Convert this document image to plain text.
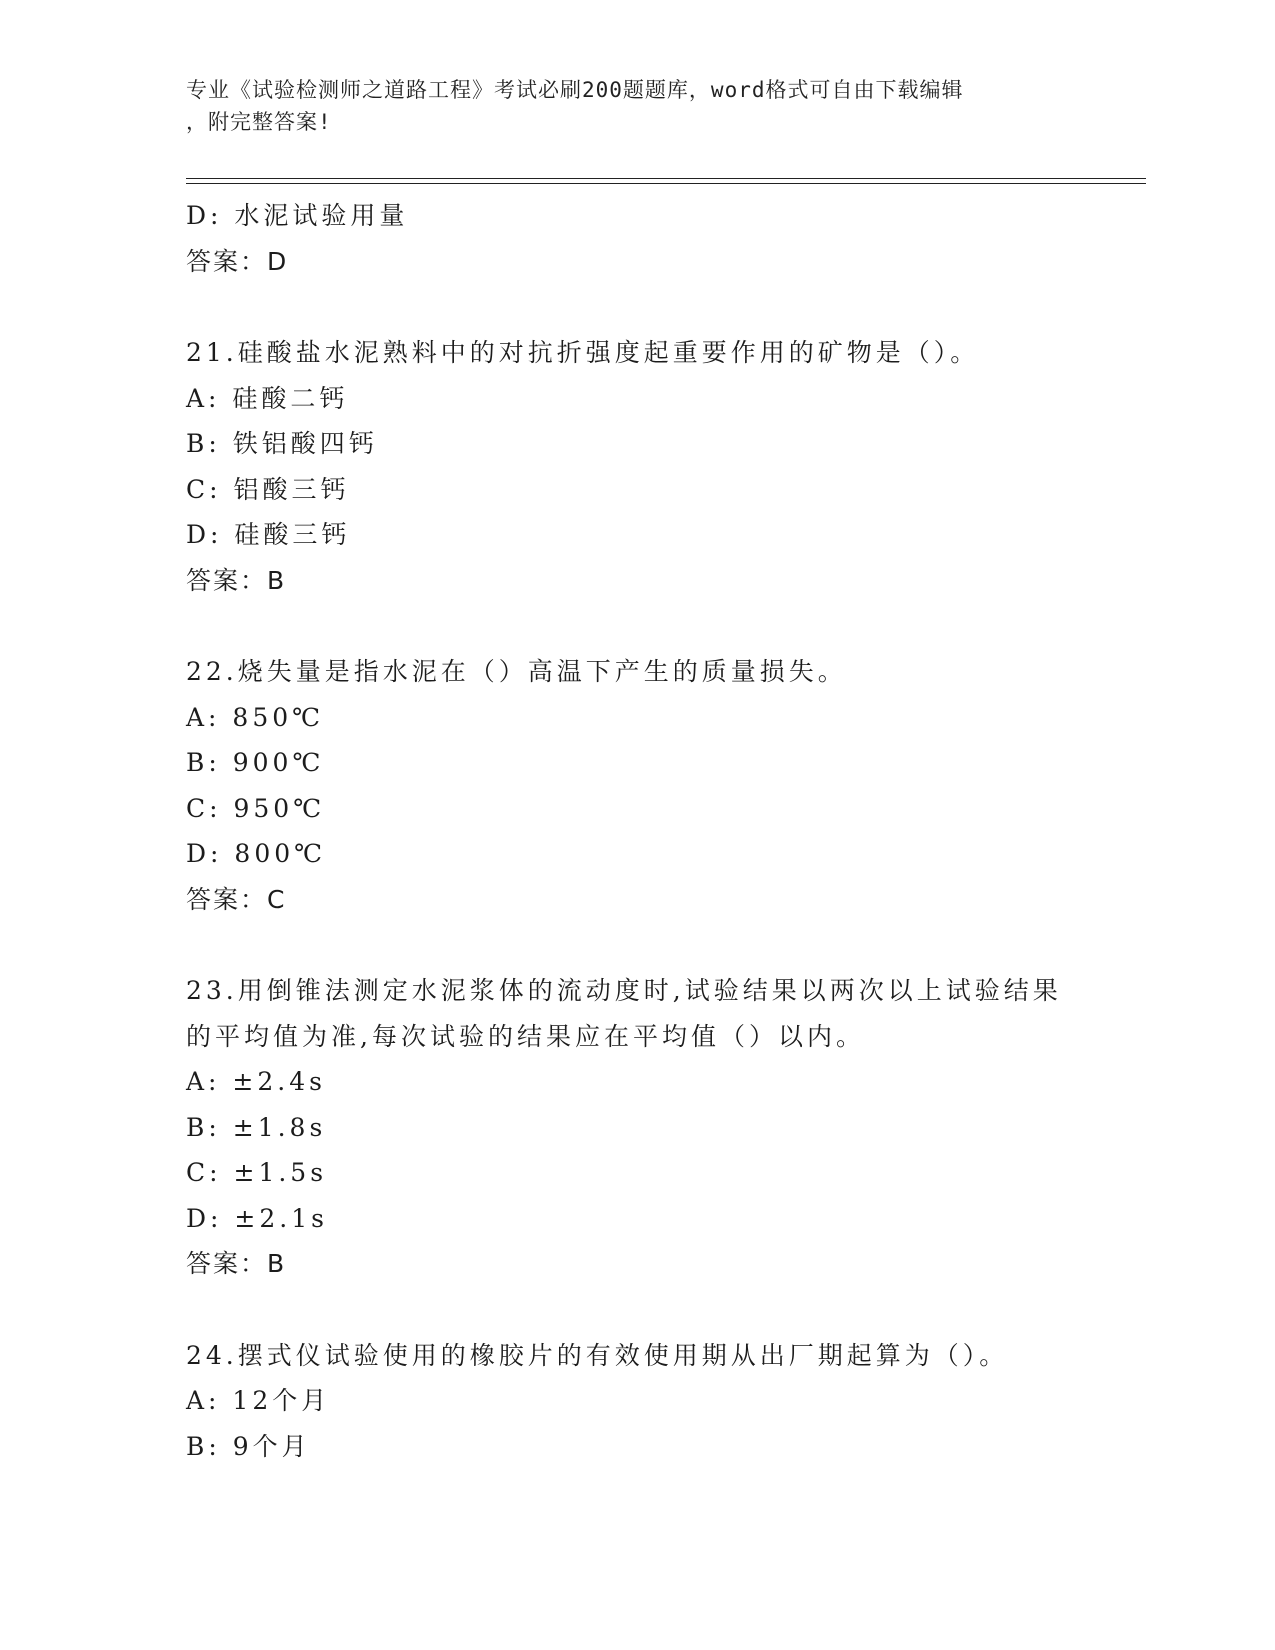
专业《试验检测师之道路工程》考试必刷200题题库，word格式可自由下载编辑
，附完整答案!
D: 水泥试验用量
答案：D
21.硅酸盐水泥熟料中的对抗折强度起重要作用的矿物是（）。
A: 硅酸二钙
B: 铁铝酸四钙
C: 铝酸三钙
D: 硅酸三钙
答案：B
22.烧失量是指水泥在（）高温下产生的质量损失。
A: 850℃
B: 900℃
C: 950℃
D: 800℃
答案：C
23.用倒锥法测定水泥浆体的流动度时,试验结果以两次以上试验结果
的平均值为准,每次试验的结果应在平均值（）以内。
A: ±2.4s
B: ±1.8s
C: ±1.5s
D: ±2.1s
答案：B
24.摆式仪试验使用的橡胶片的有效使用期从出厂期起算为（）。
A: 12个月
B: 9个月
